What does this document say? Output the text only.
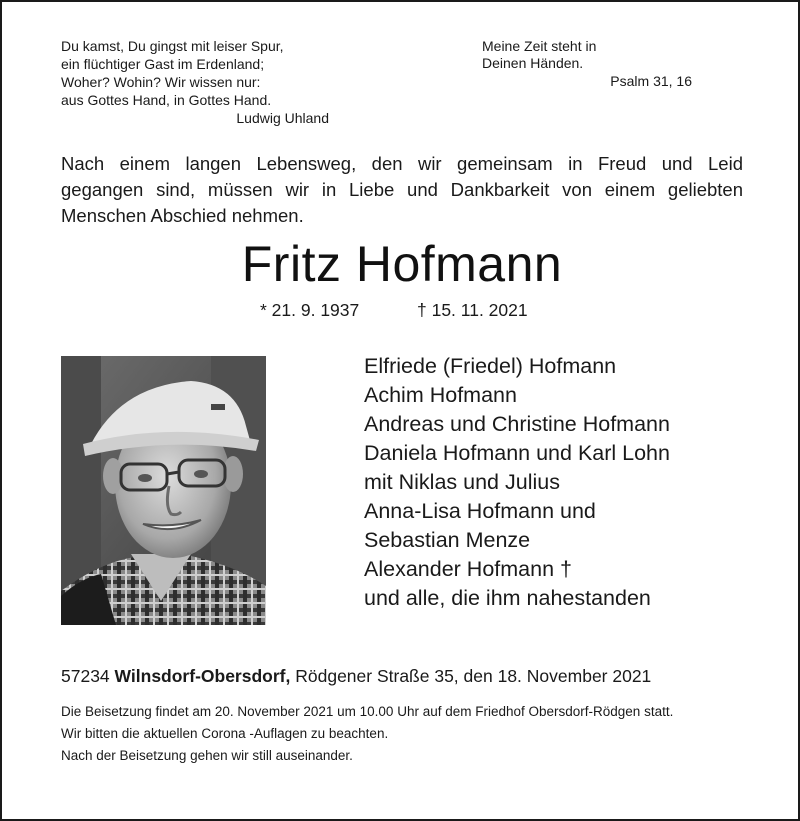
Du kamst, Du gingst mit leiser Spur,
ein flüchtiger Gast im Erdenland;
Woher? Wohin? Wir wissen nur:
aus Gottes Hand, in Gottes Hand.
Ludwig Uhland
Meine Zeit steht in
Deinen Händen.
Psalm 31, 16
Nach einem langen Lebensweg, den wir gemeinsam in Freud und Leid
gegangen sind, müssen wir in Liebe und Dankbarkeit von einem geliebten
Menschen Abschied nehmen.
Fritz Hofmann
* 21. 9. 1937	† 15. 11. 2021
Elfriede (Friedel) Hofmann
Achim Hofmann
Andreas und Christine Hofmann
Daniela Hofmann und Karl Lohn
mit Niklas und Julius
Anna-Lisa Hofmann und
Sebastian Menze
Alexander Hofmann †
und alle, die ihm nahestanden
57234 Wilnsdorf-Obersdorf, Rödgener Straße 35, den 18. November 2021

Die Beisetzung findet am 20. November 2021 um 10.00 Uhr auf dem Friedhof Obersdorf-Rödgen statt.

Wir bitten die aktuellen Corona -Auflagen zu beachten.

Nach der Beisetzung gehen wir still auseinander.
